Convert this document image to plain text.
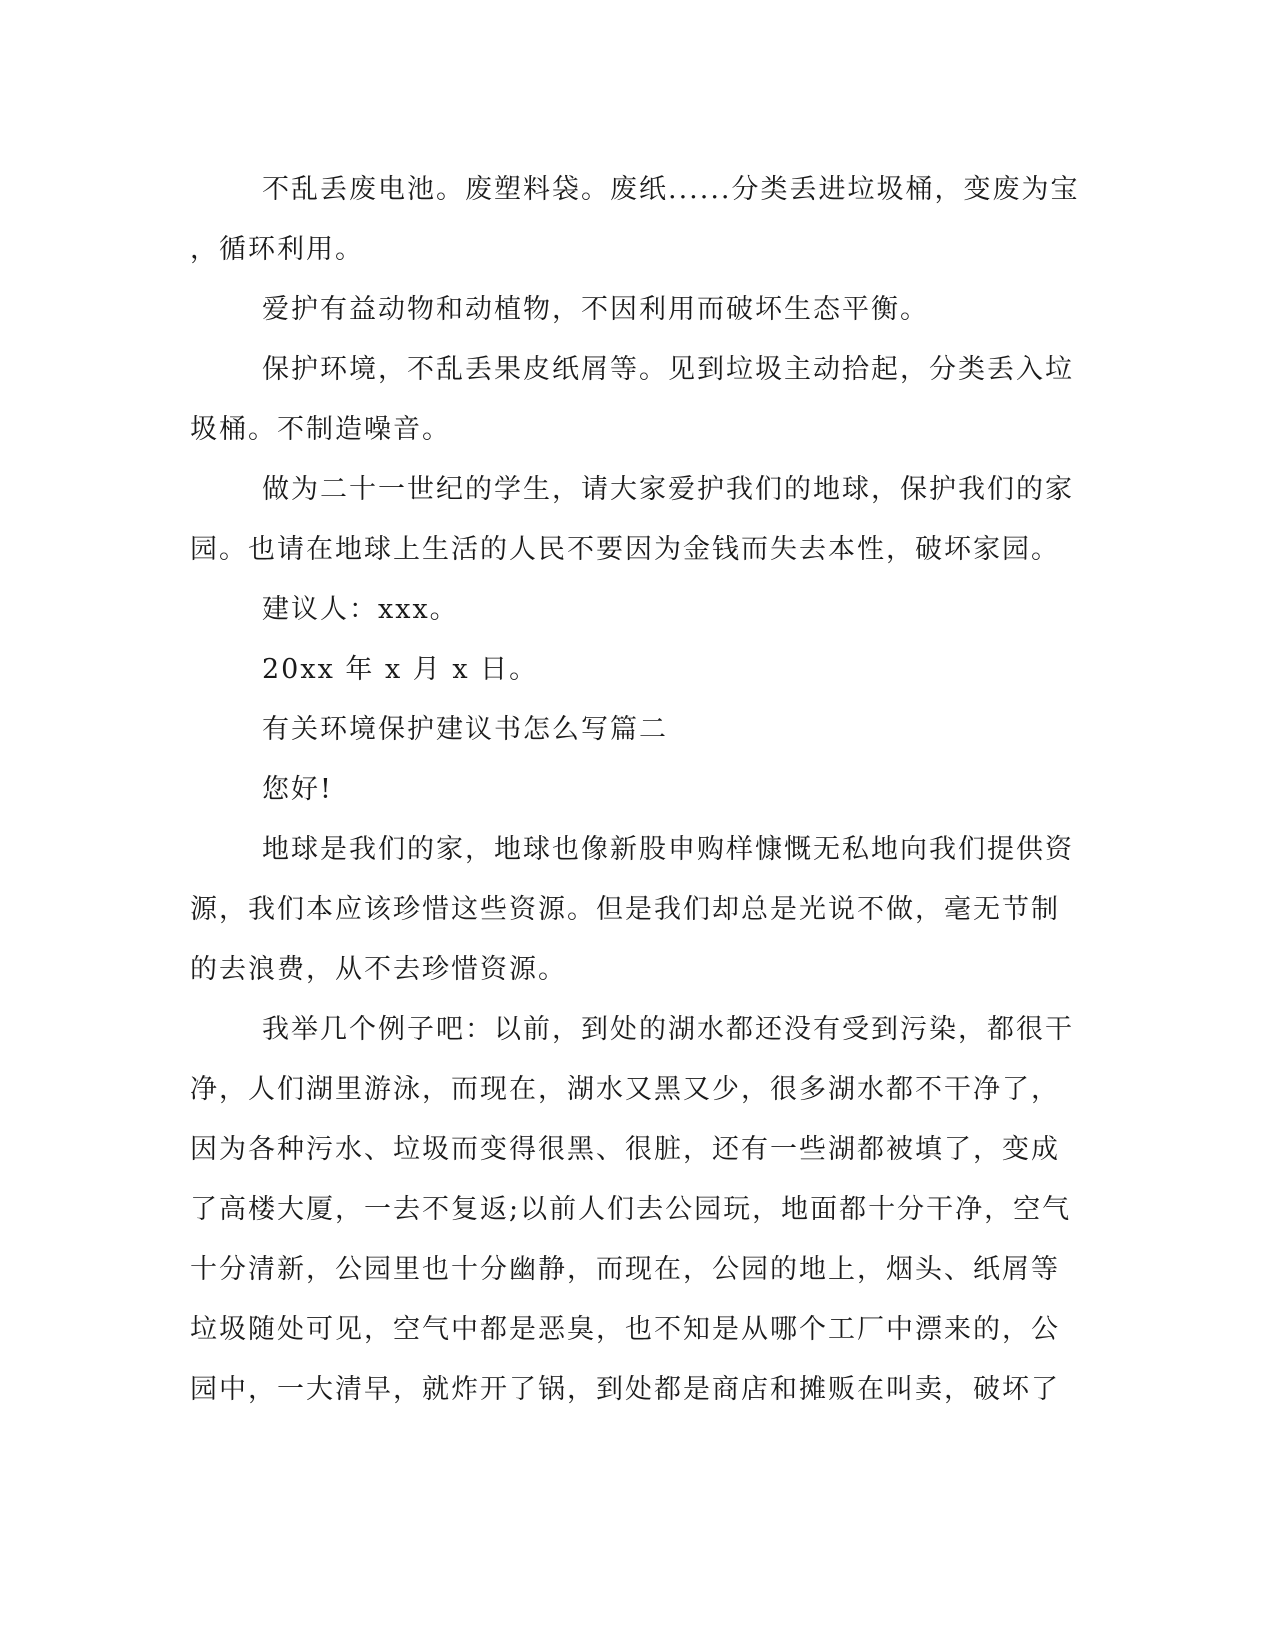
不乱丢废电池。废塑料袋。废纸......分类丢进垃圾桶，变废为宝
，循环利用。
爱护有益动物和动植物，不因利用而破坏生态平衡。
保护环境，不乱丢果皮纸屑等。见到垃圾主动拾起，分类丢入垃
圾桶。不制造噪音。
做为二十一世纪的学生，请大家爱护我们的地球，保护我们的家
园。也请在地球上生活的人民不要因为金钱而失去本性，破坏家园。
建议人：xxx。
20xx 年 x 月 x 日。
有关环境保护建议书怎么写篇二
您好!
地球是我们的家，地球也像新股申购样慷慨无私地向我们提供资
源，我们本应该珍惜这些资源。但是我们却总是光说不做，毫无节制
的去浪费，从不去珍惜资源。
我举几个例子吧：以前，到处的湖水都还没有受到污染，都很干
净，人们湖里游泳，而现在，湖水又黑又少，很多湖水都不干净了，
因为各种污水、垃圾而变得很黑、很脏，还有一些湖都被填了，变成
了高楼大厦，一去不复返;以前人们去公园玩，地面都十分干净，空气
十分清新，公园里也十分幽静，而现在，公园的地上，烟头、纸屑等
垃圾随处可见，空气中都是恶臭，也不知是从哪个工厂中漂来的，公
园中，一大清早，就炸开了锅，到处都是商店和摊贩在叫卖，破坏了
